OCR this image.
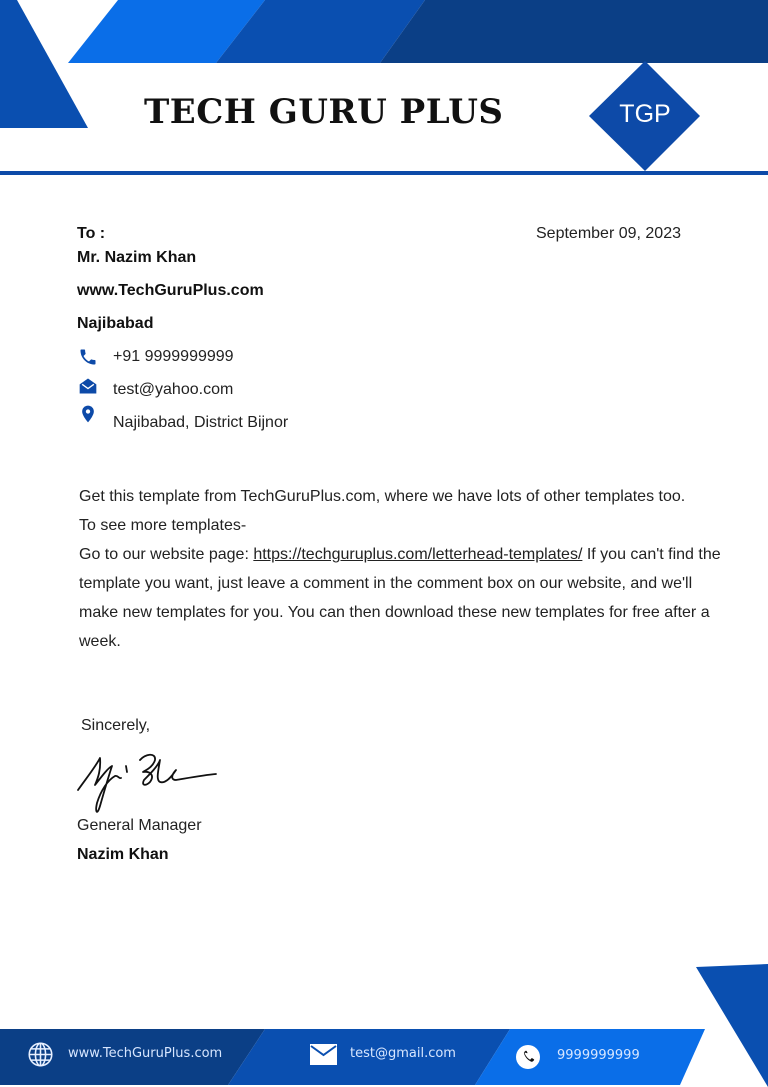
TECH GURU PLUS	TGP
To :
Mr. Nazim Khan
www.TechGuruPlus.com
Najibabad
September 09, 2023
+91 9999999999
test@yahoo.com
Najibabad, District Bijnor

Get this template from TechGuruPlus.com, where we have lots of other templates too.

To see more templates-

Go to our website page: https://techguruplus.com/letterhead-templates/ If you can't find the template you want, just leave a comment in the comment box on our website, and we'll make new templates for you. You can then download these new templates for free after a week.

Sincerely,
General Manager
Nazim Khan
www.TechGuruPlus.com	test@gmail.com	9999999999
